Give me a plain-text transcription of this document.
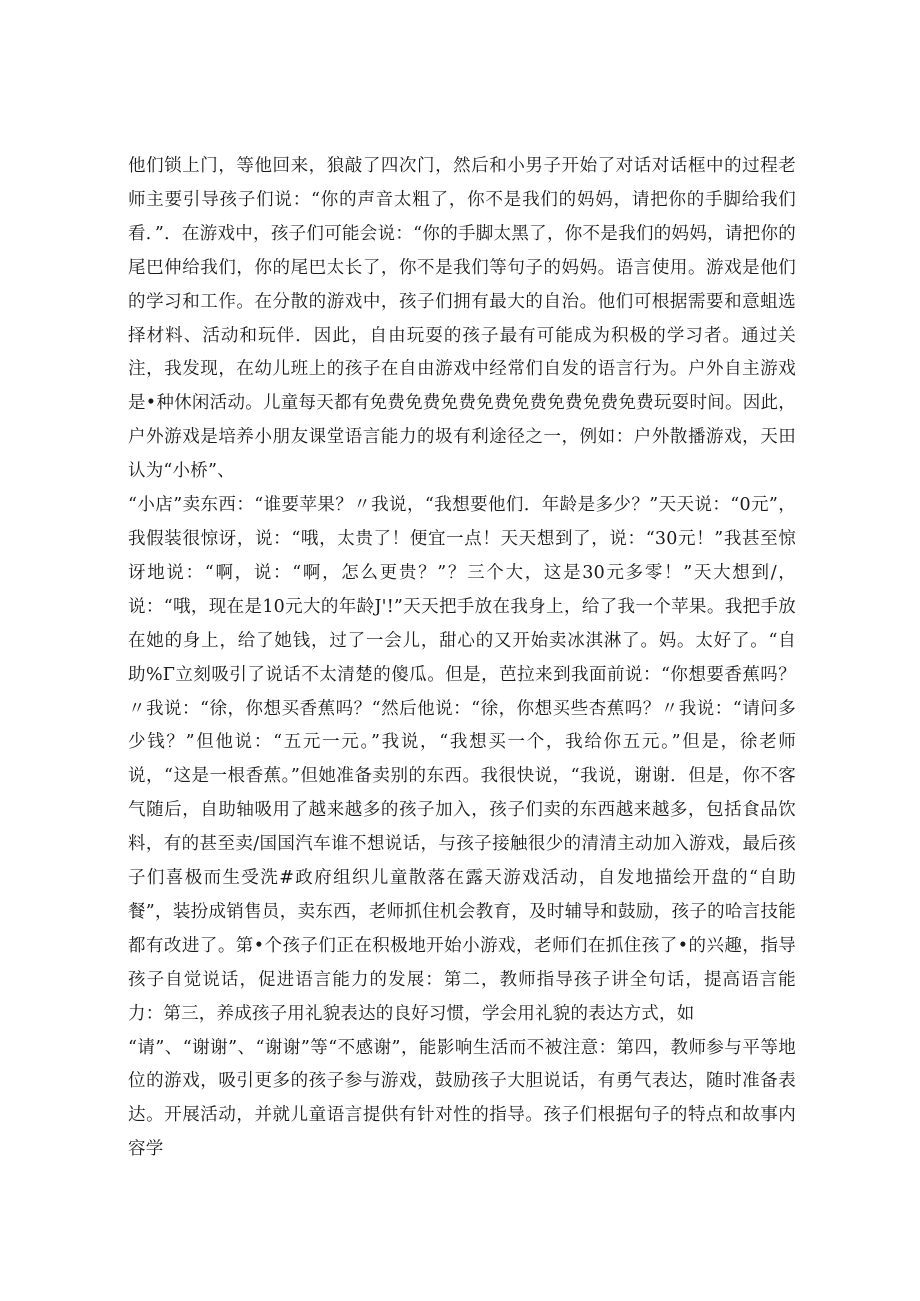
他们锁上门，等他回来，狼敲了四次门，然后和小男子开始了对话对话框中的过程老师主要引导孩子们说：“你的声音太粗了，你不是我们的妈妈，请把你的手脚给我们看．”．在游戏中，孩子们可能会说：“你的手脚太黑了，你不是我们的妈妈，请把你的尾巴伸给我们，你的尾巴太长了，你不是我们等句子的妈妈。语言使用。游戏是他们的学习和工作。在分散的游戏中，孩子们拥有最大的自治。他们可根据需要和意蛆选择材料、活动和玩伴．因此，自由玩耍的孩子最有可能成为积极的学习者。通过关注，我发现，在幼儿班上的孩子在自由游戏中经常们自发的语言行为。户外自主游戏是•种休闲活动。儿童每天都有免费免费免费免费免费免费免费免费玩耍时间。因此，户外游戏是培养小朋友课堂语言能力的圾有利途径之一，例如：户外散播游戏，天田认为“小桥”、

“小店”卖东西：“谁要苹果？〃我说，“我想要他们．年龄是多少？”天天说：“0元”，我假装很惊讶，说：“哦，太贵了！便宜一点！天天想到了，说：“30元！”我甚至惊讶地说：“啊，说：“啊，怎么更贵？”？三个大，这是30元多零！”天大想到/，说：“哦，现在是10元大的年龄J'!”天天把手放在我身上，给了我一个苹果。我把手放在她的身上，给了她钱，过了一会儿，甜心的又开始卖冰淇淋了。妈。太好了。“自助%Γ立刻吸引了说话不太清楚的傻瓜。但是，芭拉来到我面前说：“你想要香蕉吗？〃我说：“徐，你想买香蕉吗？“然后他说：“徐，你想买些杏蕉吗？〃我说：“请问多少钱？”但他说：“五元一元。”我说，“我想买一个，我给你五元。”但是，徐老师说，“这是一根香蕉。”但她准备卖别的东西。我很快说，“我说，谢谢．但是，你不客气随后，自助轴吸用了越来越多的孩子加入，孩子们卖的东西越来越多，包括食品饮料，有的甚至卖/国国汽车谁不想说话，与孩子接触很少的清清主动加入游戏，最后孩子们喜极而生受洗#政府组织儿童散落在露天游戏活动，自发地描绘开盘的“自助餐”，装扮成销售员，卖东西，老师抓住机会教育，及时辅导和鼓励，孩子的哈言技能都有改进了。第•个孩子们正在积极地开始小游戏，老师们在抓住孩了•的兴趣，指导孩子自觉说话，促进语言能力的发展：第二，教师指导孩子讲全句话，提高语言能力：第三，养成孩子用礼貌表达的良好习惯，学会用礼貌的表达方式，如

“请”、“谢谢”、“谢谢”等“不感谢”，能影响生活而不被注意：第四，教师参与平等地位的游戏，吸引更多的孩子参与游戏，鼓励孩子大胆说话，有勇气表达，随时准备表达。开展活动，并就儿童语言提供有针对性的指导。孩子们根据句子的特点和故事内容学
